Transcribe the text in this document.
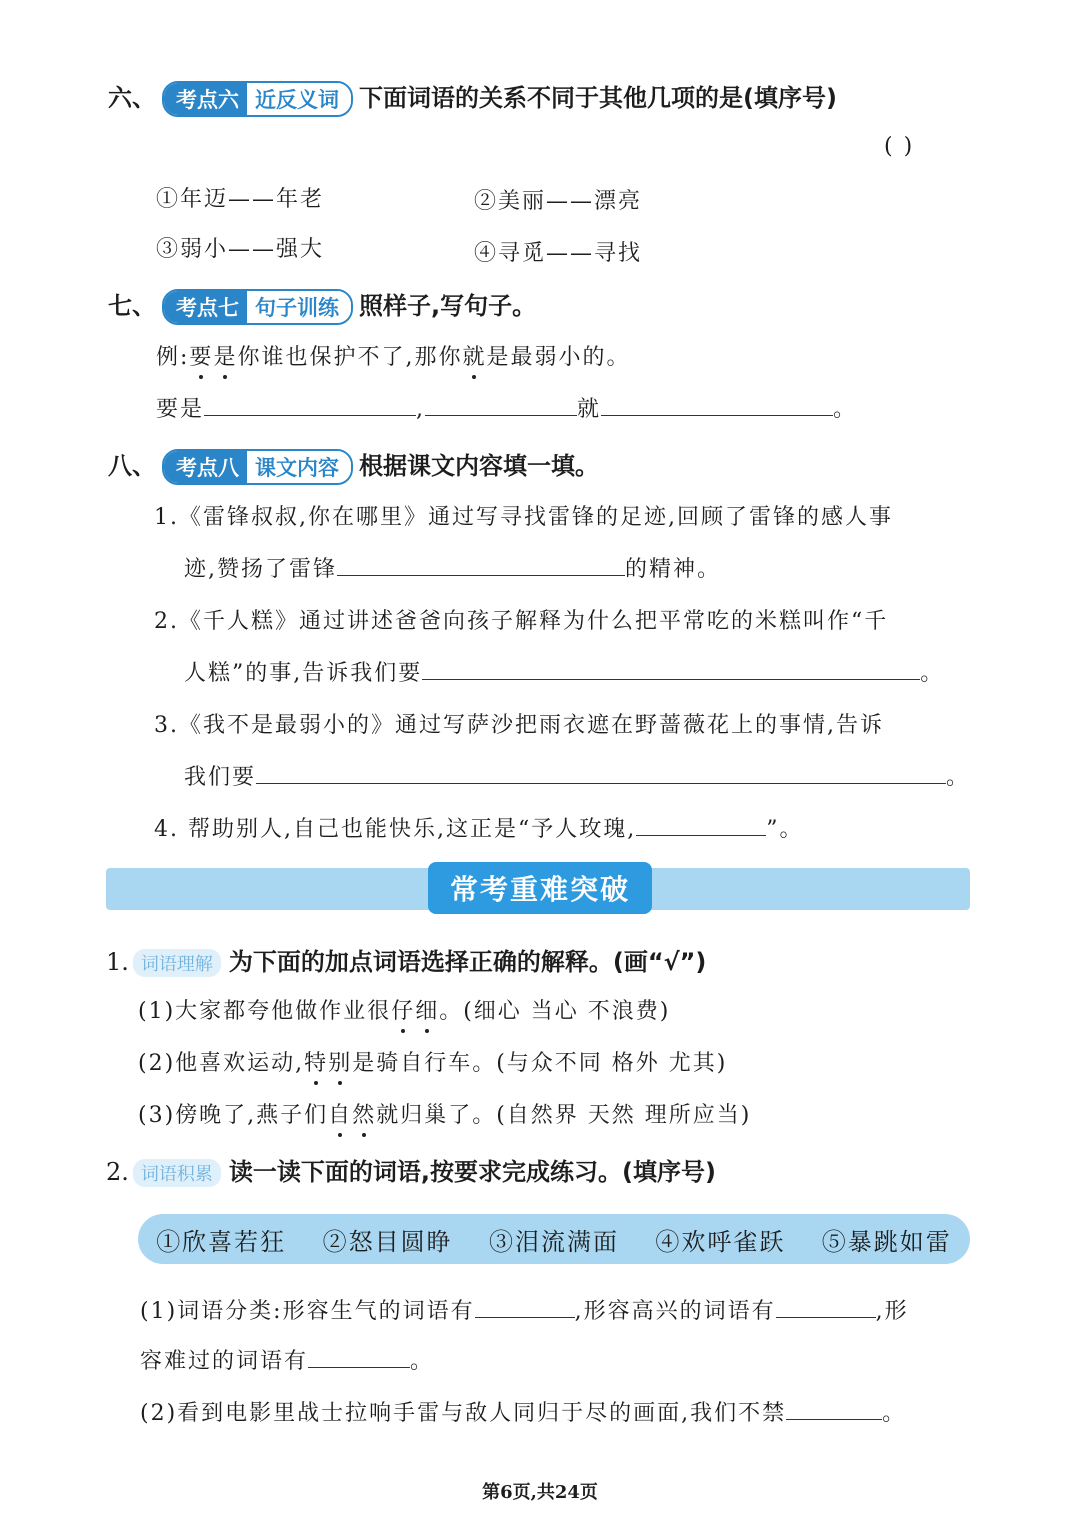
六、 考点六 近反义词 下面词语的关系不同于其他几项的是(填序号)
( )
①年迈——年老	②美丽——漂亮
③弱小——强大	④寻觅——寻找
七、 考点七 句子训练 照样子,写句子。
例:要是你谁也保护不了,那你就是最弱小的。
要是	,	就	。
八、 考点八 课文内容 根据课文内容填一填。
1.《雷锋叔叔,你在哪里》通过写寻找雷锋的足迹,回顾了雷锋的感人事
迹,赞扬了雷锋	的精神。
2.《千人糕》通过讲述爸爸向孩子解释为什么把平常吃的米糕叫作“千
人糕”的事,告诉我们要	。
3.《我不是最弱小的》通过写萨沙把雨衣遮在野蔷薇花上的事情,告诉
我们要	。
4. 帮助别人,自己也能快乐,这正是“予人玫瑰,	”。
常考重难突破
1. 词语理解 为下面的加点词语选择正确的解释。(画“√”)
(1)大家都夸他做作业很仔细。(细心 当心 不浪费)
(2)他喜欢运动,特别是骑自行车。(与众不同 格外 尤其)
(3)傍晚了,燕子们自然就归巢了。(自然界 天然 理所应当)
2. 词语积累 读一读下面的词语,按要求完成练习。(填序号)
①欣喜若狂 ②怒目圆睁 ③泪流满面 ④欢呼雀跃 ⑤暴跳如雷
(1)词语分类:形容生气的词语有	,形容高兴的词语有	,形
容难过的词语有	。
(2)看到电影里战士拉响手雷与敌人同归于尽的画面,我们不禁	。
第6页,共24页
